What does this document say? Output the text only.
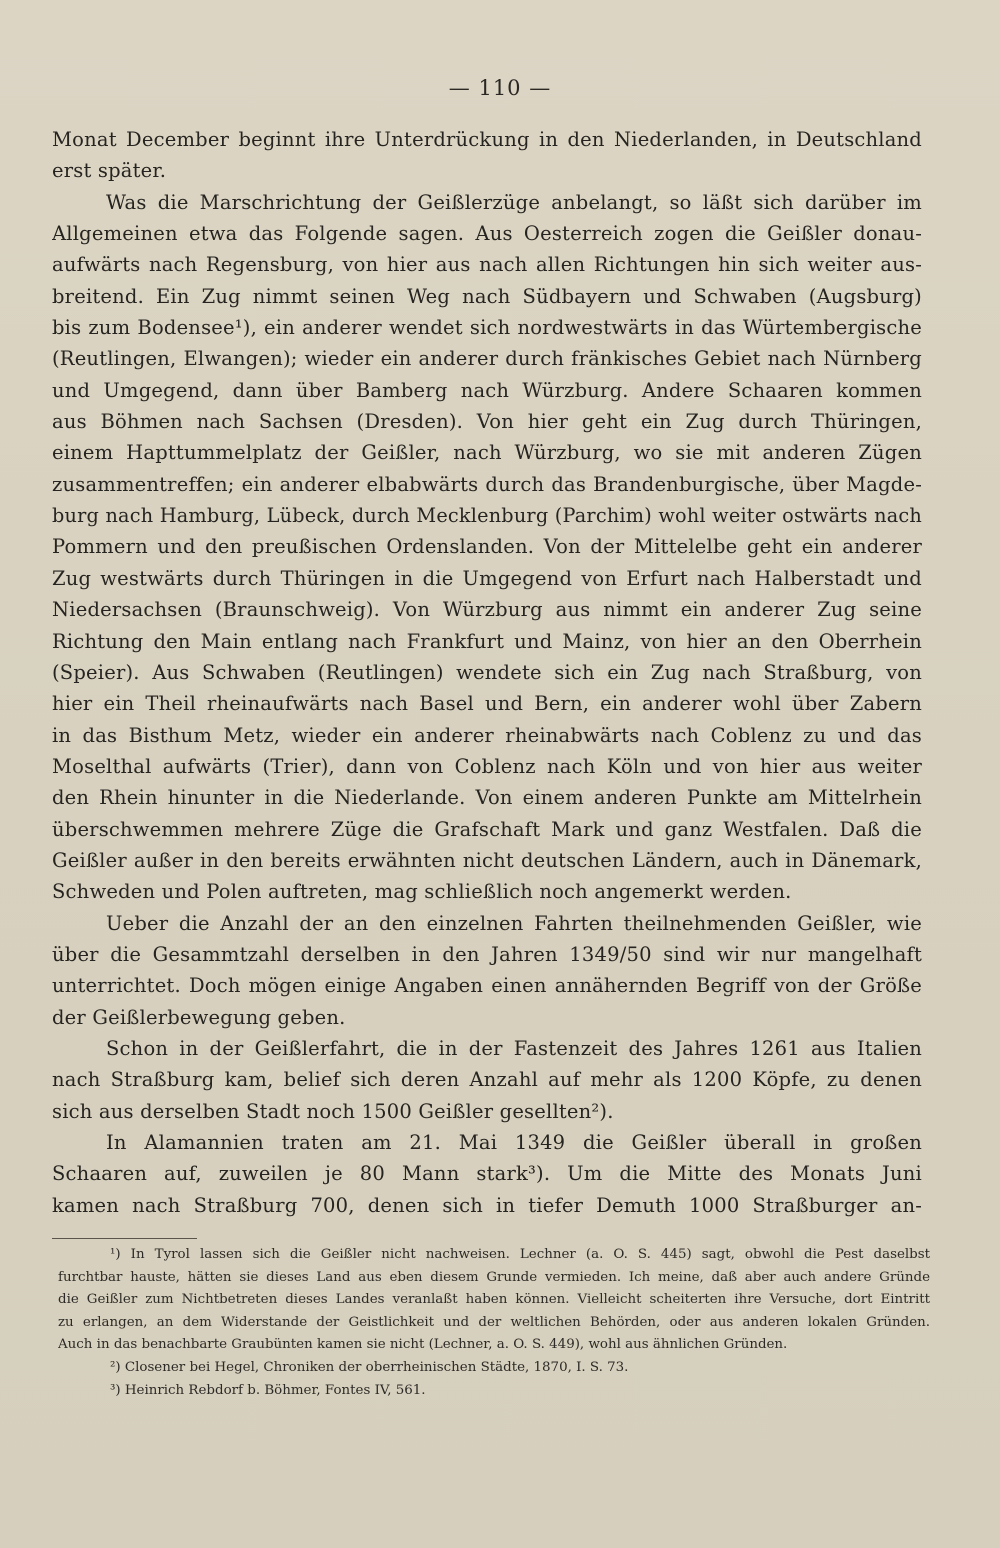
— 110 —
Monat December beginnt ihre Unterdrückung in den Niederlanden, in Deutschland
erst später.
Was die Marschrichtung der Geißlerzüge anbelangt, so läßt sich darüber im
Allgemeinen etwa das Folgende sagen. Aus Oesterreich zogen die Geißler donau-
aufwärts nach Regensburg, von hier aus nach allen Richtungen hin sich weiter aus-
breitend. Ein Zug nimmt seinen Weg nach Südbayern und Schwaben (Augsburg)
bis zum Bodensee¹), ein anderer wendet sich nordwestwärts in das Würtembergische
(Reutlingen, Elwangen); wieder ein anderer durch fränkisches Gebiet nach Nürnberg
und Umgegend, dann über Bamberg nach Würzburg. Andere Schaaren kommen
aus Böhmen nach Sachsen (Dresden). Von hier geht ein Zug durch Thüringen,
einem Hapttummelplatz der Geißler, nach Würzburg, wo sie mit anderen Zügen
zusammentreffen; ein anderer elbabwärts durch das Brandenburgische, über Magde-
burg nach Hamburg, Lübeck, durch Mecklenburg (Parchim) wohl weiter ostwärts nach
Pommern und den preußischen Ordenslanden. Von der Mittelelbe geht ein anderer
Zug westwärts durch Thüringen in die Umgegend von Erfurt nach Halberstadt und
Niedersachsen (Braunschweig). Von Würzburg aus nimmt ein anderer Zug seine
Richtung den Main entlang nach Frankfurt und Mainz, von hier an den Oberrhein
(Speier). Aus Schwaben (Reutlingen) wendete sich ein Zug nach Straßburg, von
hier ein Theil rheinaufwärts nach Basel und Bern, ein anderer wohl über Zabern
in das Bisthum Metz, wieder ein anderer rheinabwärts nach Coblenz zu und das
Moselthal aufwärts (Trier), dann von Coblenz nach Köln und von hier aus weiter
den Rhein hinunter in die Niederlande. Von einem anderen Punkte am Mittelrhein
überschwemmen mehrere Züge die Grafschaft Mark und ganz Westfalen. Daß die
Geißler außer in den bereits erwähnten nicht deutschen Ländern, auch in Dänemark,
Schweden und Polen auftreten, mag schließlich noch angemerkt werden.
Ueber die Anzahl der an den einzelnen Fahrten theilnehmenden Geißler, wie
über die Gesammtzahl derselben in den Jahren 1349/50 sind wir nur mangelhaft
unterrichtet. Doch mögen einige Angaben einen annähernden Begriff von der Größe
der Geißlerbewegung geben.
Schon in der Geißlerfahrt, die in der Fastenzeit des Jahres 1261 aus Italien
nach Straßburg kam, belief sich deren Anzahl auf mehr als 1200 Köpfe, zu denen
sich aus derselben Stadt noch 1500 Geißler gesellten²).
In Alamannien traten am 21. Mai 1349 die Geißler überall in großen
Schaaren auf, zuweilen je 80 Mann stark³). Um die Mitte des Monats Juni
kamen nach Straßburg 700, denen sich in tiefer Demuth 1000 Straßburger an-
¹) In Tyrol lassen sich die Geißler nicht nachweisen. Lechner (a. O. S. 445) sagt, obwohl die Pest daselbst
furchtbar hauste, hätten sie dieses Land aus eben diesem Grunde vermieden. Ich meine, daß aber auch andere Gründe
die Geißler zum Nichtbetreten dieses Landes veranlaßt haben können. Vielleicht scheiterten ihre Versuche, dort Eintritt
zu erlangen, an dem Widerstande der Geistlichkeit und der weltlichen Behörden, oder aus anderen lokalen Gründen.
Auch in das benachbarte Graubünten kamen sie nicht (Lechner, a. O. S. 449), wohl aus ähnlichen Gründen.
²) Closener bei Hegel, Chroniken der oberrheinischen Städte, 1870, I. S. 73.
³) Heinrich Rebdorf b. Böhmer, Fontes IV, 561.
